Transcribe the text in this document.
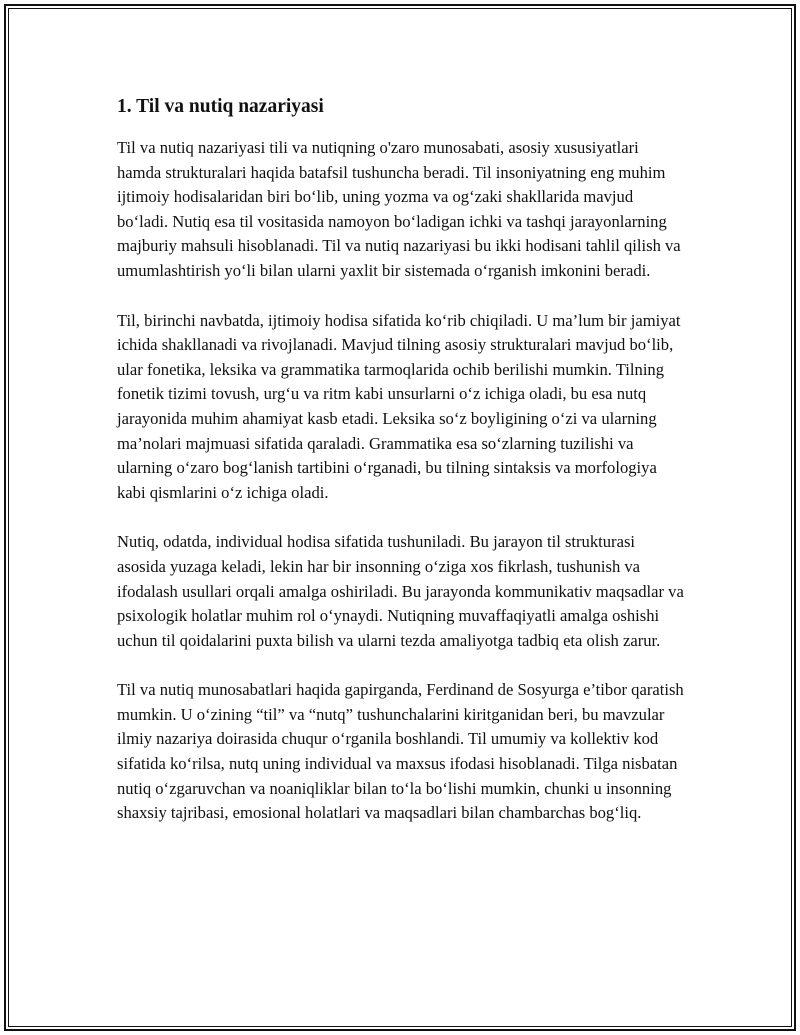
1. Til va nutiq nazariyasi

Til va nutiq nazariyasi tili va nutiqning o'zaro munosabati, asosiy xususiyatlari hamda strukturalari haqida batafsil tushuncha beradi. Til insoniyatning eng muhim ijtimoiy hodisalaridan biri bo‘lib, uning yozma va og‘zaki shakllarida mavjud bo‘ladi. Nutiq esa til vositasida namoyon bo‘ladigan ichki va tashqi jarayonlarning majburiy mahsuli hisoblanadi. Til va nutiq nazariyasi bu ikki hodisani tahlil qilish va umumlashtirish yo‘li bilan ularni yaxlit bir sistemada o‘rganish imkonini beradi.

Til, birinchi navbatda, ijtimoiy hodisa sifatida ko‘rib chiqiladi. U ma’lum bir jamiyat ichida shakllanadi va rivojlanadi. Mavjud tilning asosiy strukturalari mavjud bo‘lib, ular fonetika, leksika va grammatika tarmoqlarida ochib berilishi mumkin. Tilning fonetik tizimi tovush, urg‘u va ritm kabi unsurlarni o‘z ichiga oladi, bu esa nutq jarayonida muhim ahamiyat kasb etadi. Leksika so‘z boyligining o‘zi va ularning ma’nolari majmuasi sifatida qaraladi. Grammatika esa so‘zlarning tuzilishi va ularning o‘zaro bog‘lanish tartibini o‘rganadi, bu tilning sintaksis va morfologiya kabi qismlarini o‘z ichiga oladi.

Nutiq, odatda, individual hodisa sifatida tushuniladi. Bu jarayon til strukturasi asosida yuzaga keladi, lekin har bir insonning o‘ziga xos fikrlash, tushunish va ifodalash usullari orqali amalga oshiriladi. Bu jarayonda kommunikativ maqsadlar va psixologik holatlar muhim rol o‘ynaydi. Nutiqning muvaffaqiyatli amalga oshishi uchun til qoidalarini puxta bilish va ularni tezda amaliyotga tadbiq eta olish zarur.

Til va nutiq munosabatlari haqida gapirganda, Ferdinand de Sosyurga e’tibor qaratish mumkin. U o‘zining “til” va “nutq” tushunchalarini kiritganidan beri, bu mavzular ilmiy nazariya doirasida chuqur o‘rganila boshlandi. Til umumiy va kollektiv kod sifatida ko‘rilsa, nutq uning individual va maxsus ifodasi hisoblanadi. Tilga nisbatan nutiq o‘zgaruvchan va noaniqliklar bilan to‘la bo‘lishi mumkin, chunki u insonning shaxsiy tajribasi, emosional holatlari va maqsadlari bilan chambarchas bog‘liq.
